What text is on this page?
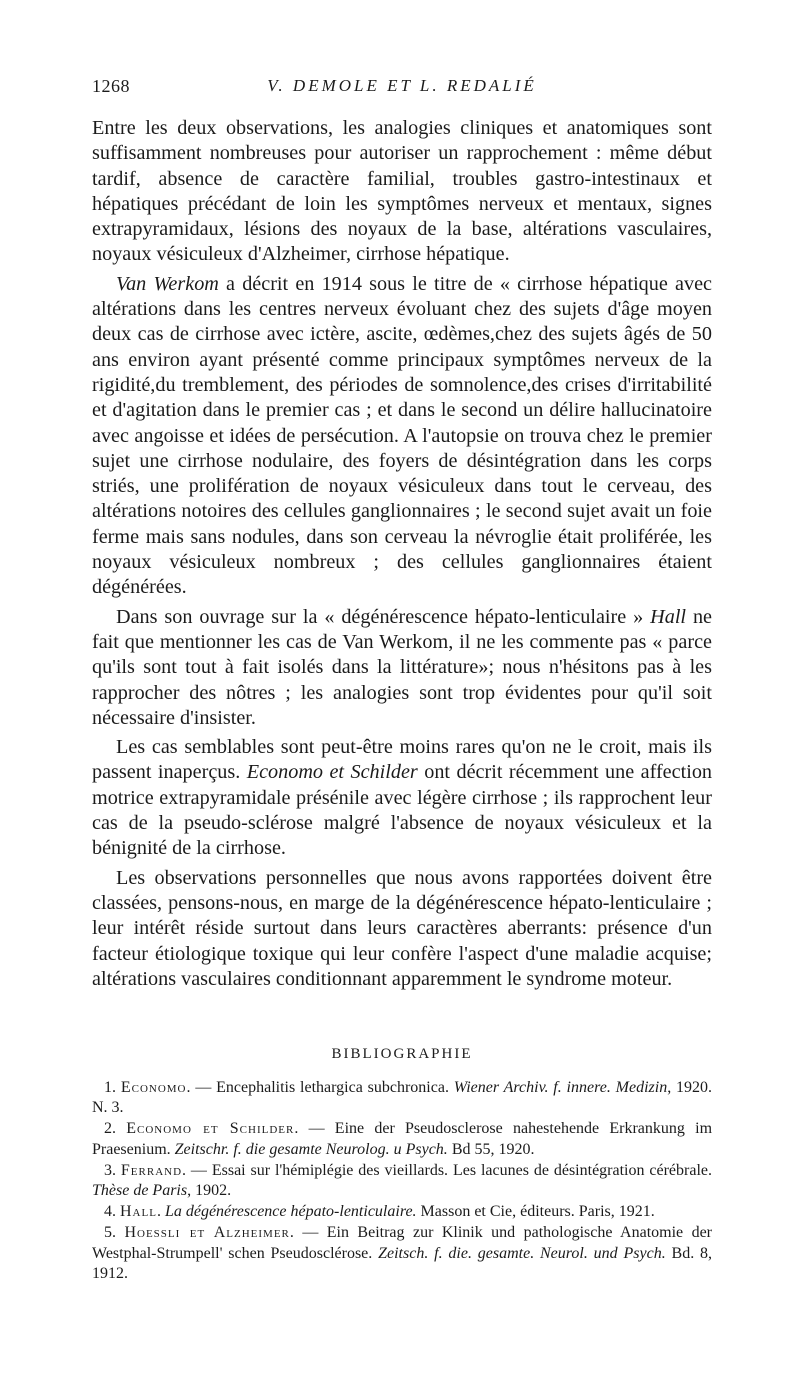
1268	V. DEMOLE ET L. REDALIÉ

Entre les deux observations, les analogies cliniques et anatomiques sont suffisamment nombreuses pour autoriser un rapprochement : même début tardif, absence de caractère familial, troubles gastro-intestinaux et hépatiques précédant de loin les symptômes nerveux et mentaux, signes extrapyramidaux, lésions des noyaux de la base, altérations vasculaires, noyaux vésiculeux d'Alzheimer, cirrhose hépatique.

Van Werkom a décrit en 1914 sous le titre de « cirrhose hépatique avec altérations dans les centres nerveux évoluant chez des sujets d'âge moyen deux cas de cirrhose avec ictère, ascite, œdèmes,chez des sujets âgés de 50 ans environ ayant présenté comme principaux symptômes nerveux de la rigidité,du tremblement, des périodes de somnolence,des crises d'irritabilité et d'agitation dans le premier cas ; et dans le second un délire hallucinatoire avec angoisse et idées de persécution. A l'autopsie on trouva chez le premier sujet une cirrhose nodulaire, des foyers de désintégration dans les corps striés, une prolifération de noyaux vésiculeux dans tout le cerveau, des altérations notoires des cellules ganglionnaires ; le second sujet avait un foie ferme mais sans nodules, dans son cerveau la névroglie était proliférée, les noyaux vésiculeux nombreux ; des cellules ganglionnaires étaient dégénérées.

Dans son ouvrage sur la « dégénérescence hépato-lenticulaire » Hall ne fait que mentionner les cas de Van Werkom, il ne les commente pas « parce qu'ils sont tout à fait isolés dans la littérature»; nous n'hésitons pas à les rapprocher des nôtres ; les analogies sont trop évidentes pour qu'il soit nécessaire d'insister.

Les cas semblables sont peut-être moins rares qu'on ne le croit, mais ils passent inaperçus. Economo et Schilder ont décrit récemment une affection motrice extrapyramidale présénile avec légère cirrhose ; ils rapprochent leur cas de la pseudo-sclérose malgré l'absence de noyaux vésiculeux et la bénignité de la cirrhose.

Les observations personnelles que nous avons rapportées doivent être classées, pensons-nous, en marge de la dégénérescence hépato-lenticulaire ; leur intérêt réside surtout dans leurs caractères aberrants: présence d'un facteur étiologique toxique qui leur confère l'aspect d'une maladie acquise; altérations vasculaires conditionnant apparemment le syndrome moteur.

BIBLIOGRAPHIE
1. Economo. — Encephalitis lethargica subchronica. Wiener Archiv. f. innere. Medizin, 1920. N. 3.
2. Economo et Schilder. — Eine der Pseudosclerose nahestehende Erkrankung im Praesenium. Zeitschr. f. die gesamte Neurolog. u Psych. Bd 55, 1920.
3. Ferrand. — Essai sur l'hémiplégie des vieillards. Les lacunes de désintégration cérébrale. Thèse de Paris, 1902.
4. Hall. La dégénérescence hépato-lenticulaire. Masson et Cie, éditeurs. Paris, 1921.
5. Hoessli et Alzheimer. — Ein Beitrag zur Klinik und pathologische Anatomie der Westphal-Strumpell' schen Pseudosclérose. Zeitsch. f. die. gesamte. Neurol. und Psych. Bd. 8, 1912.
